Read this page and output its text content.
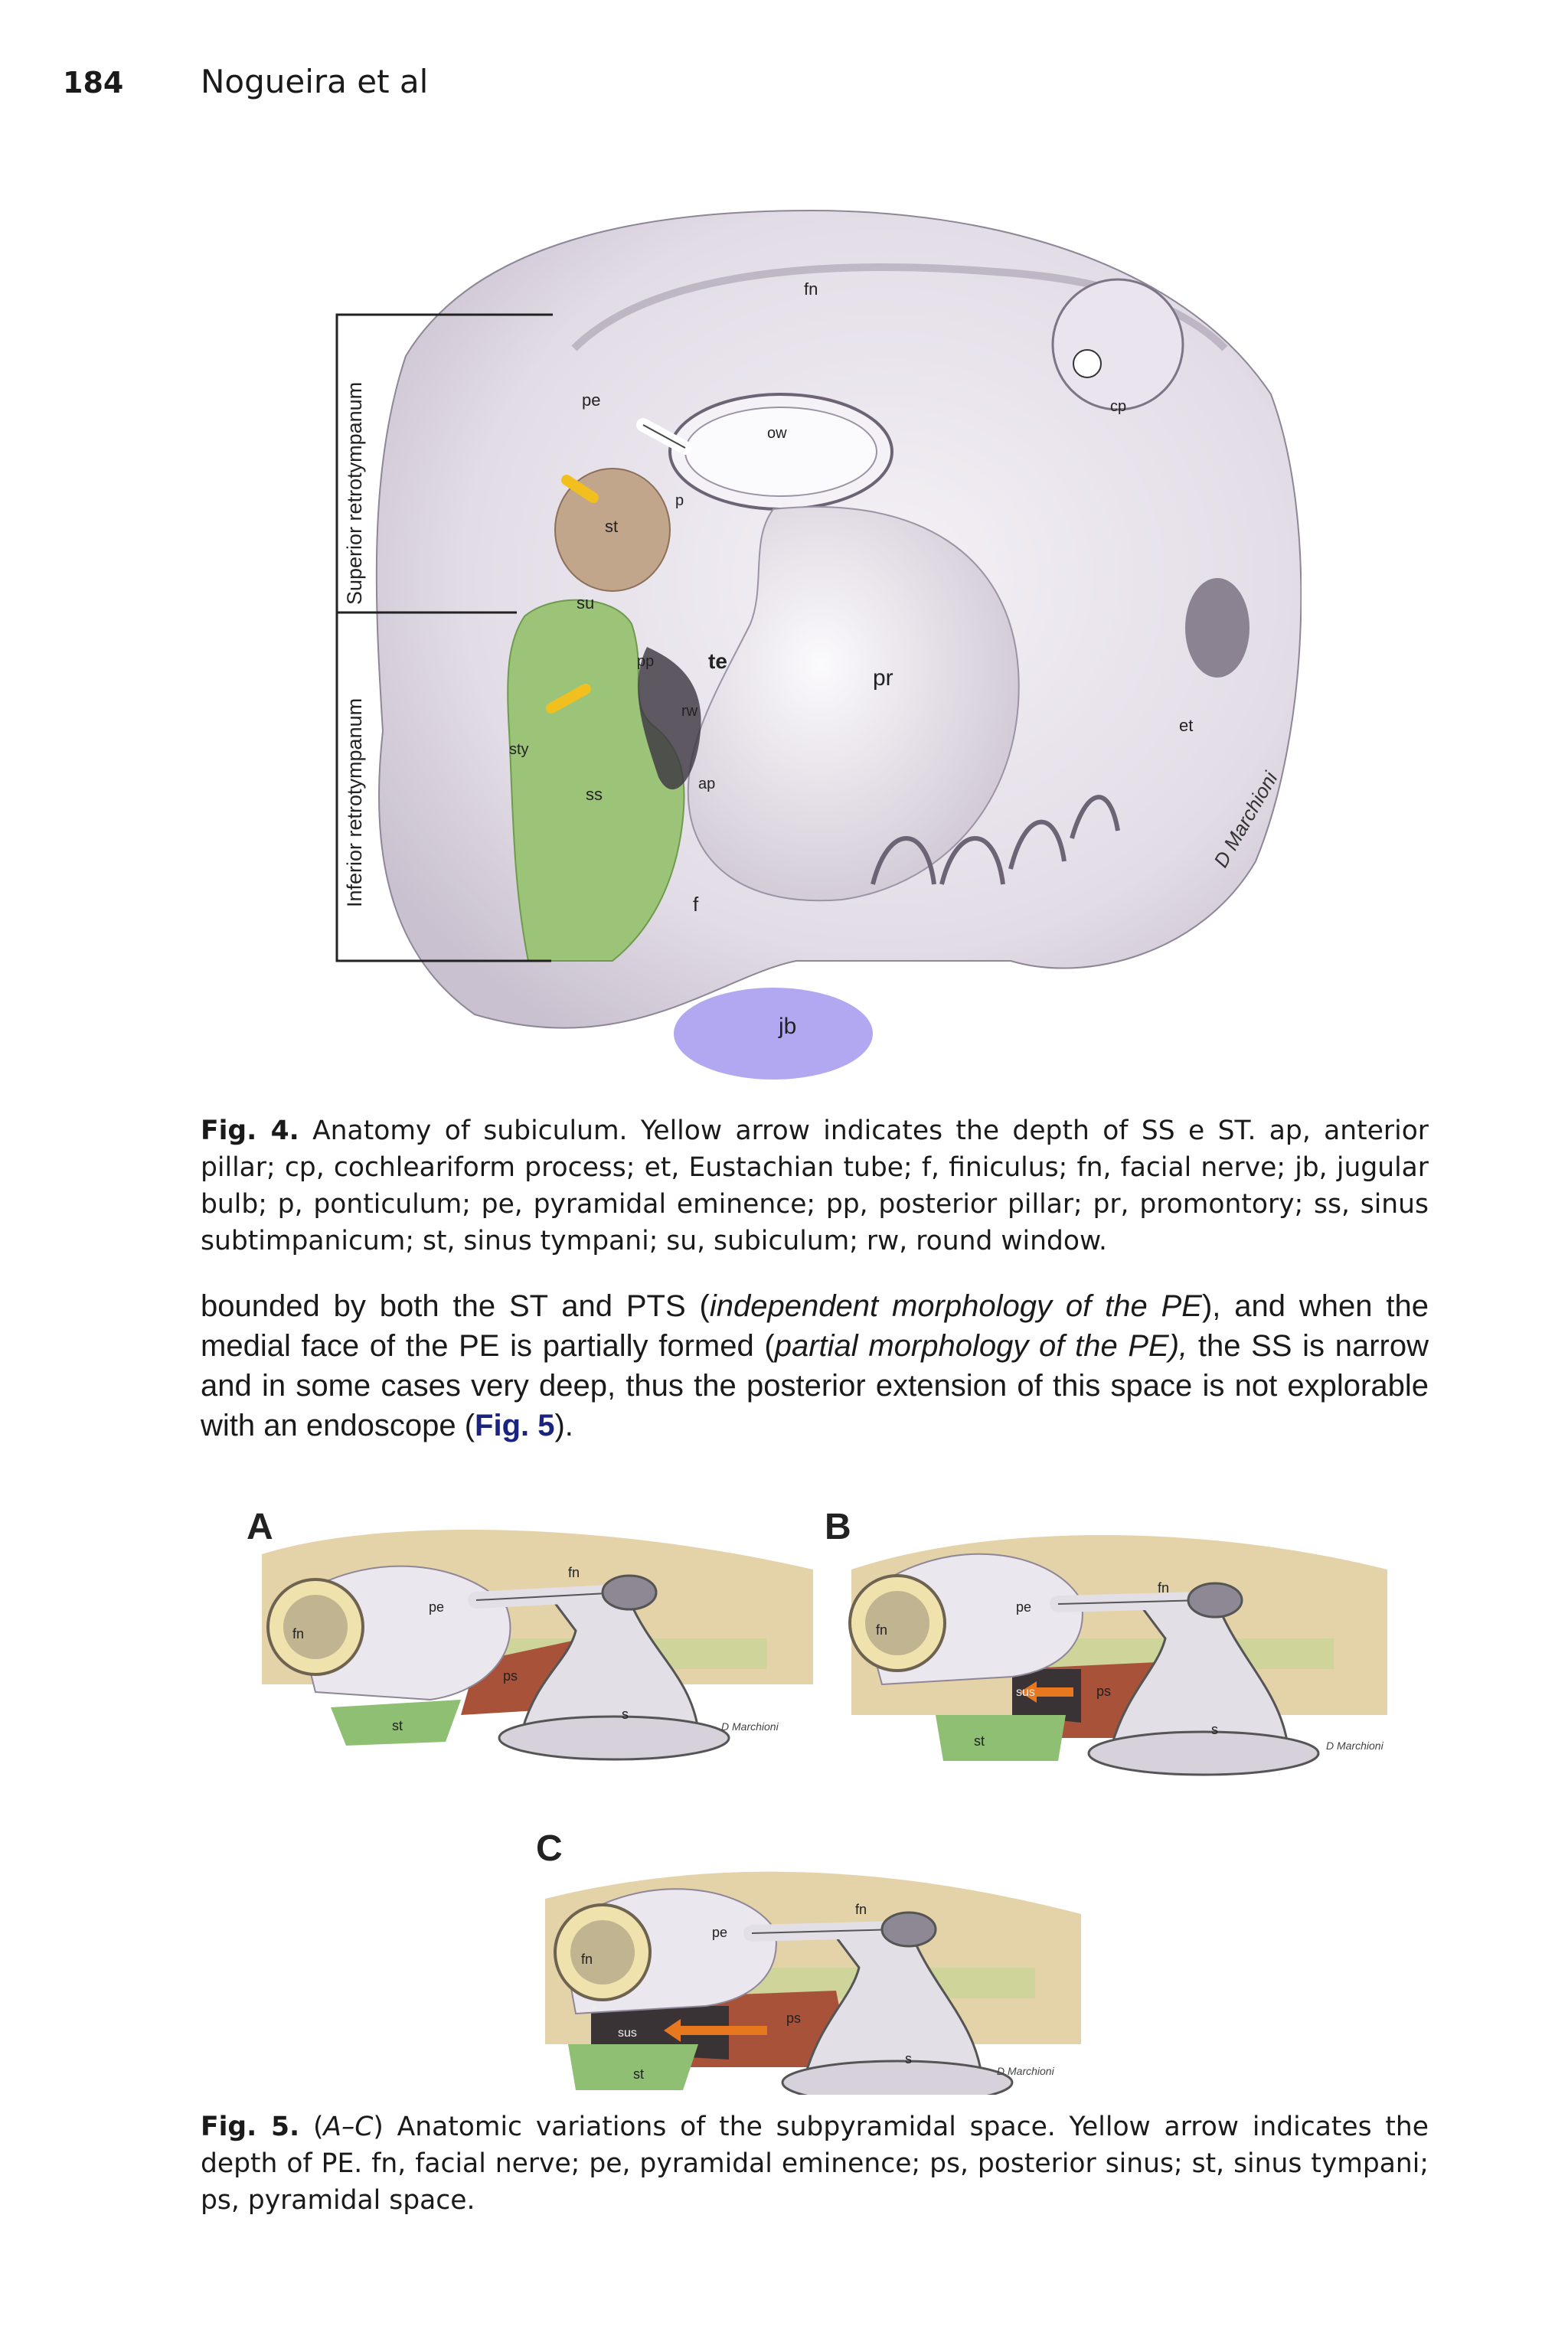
184 Nogueira et al
Superior retrotympanum
Inferior retrotympanum
fn
pe
ow
cp
st
p
su
pp	te
pr
rw
sty
ss
ap
et
f
jb
D Marchioni
Fig. 4. Anatomy of subiculum. Yellow arrow indicates the depth of SS e ST. ap, anterior pillar; cp, cochleariform process; et, Eustachian tube; f, finiculus; fn, facial nerve; jb, jugular bulb; p, ponticulum; pe, pyramidal eminence; pp, posterior pillar; pr, promontory; ss, sinus subtimpanicum; st, sinus tympani; su, subiculum; rw, round window.
bounded by both the ST and PTS (independent morphology of the PE), and when the medial face of the PE is partially formed (partial morphology of the PE), the SS is narrow and in some cases very deep, thus the posterior extension of this space is not explorable with an endoscope (Fig. 5).
A
fn
fn
pe
ps
s
st	D Marchioni
B
fn
fn
pe
ps
sus
s
st	D Marchioni
C
fn
fn
pe
ps
sus
*
s
st	D Marchioni
Fig. 5. (A–C) Anatomic variations of the subpyramidal space. Yellow arrow indicates the depth of PE. fn, facial nerve; pe, pyramidal eminence; ps, posterior sinus; st, sinus tympani; ps, pyramidal space.
